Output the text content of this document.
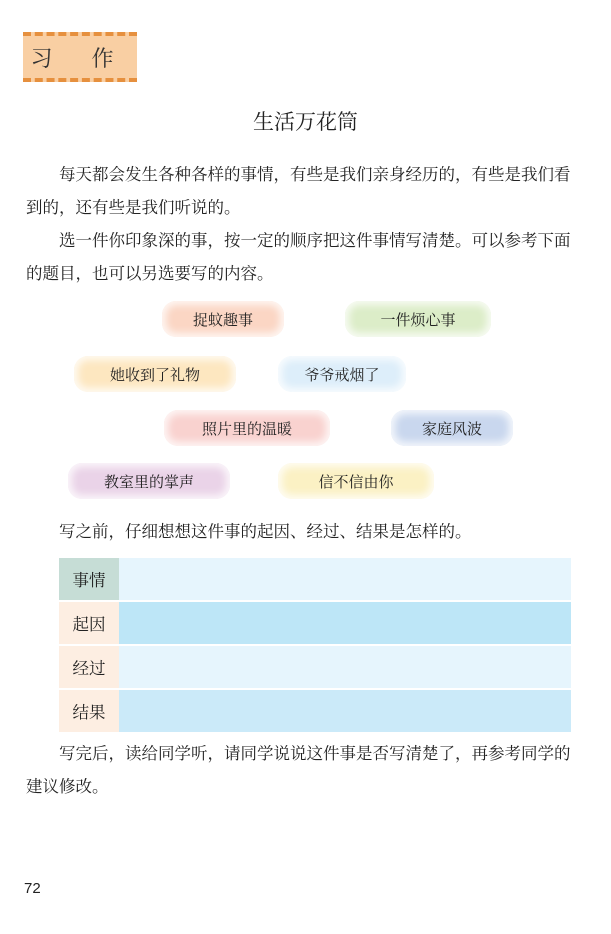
习 作
生活万花筒
每天都会发生各种各样的事情，有些是我们亲身经历的，有些是我们看到的，还有些是我们听说的。
选一件你印象深的事，按一定的顺序把这件事情写清楚。可以参考下面的题目，也可以另选要写的内容。
捉蚊趣事	一件烦心事
她收到了礼物	爷爷戒烟了
照片里的温暖	家庭风波
教室里的掌声	信不信由你
写之前，仔细想想这件事的起因、经过、结果是怎样的。
事情	
起因	
经过	
结果	
写完后，读给同学听，请同学说说这件事是否写清楚了，再参考同学的建议修改。
72
